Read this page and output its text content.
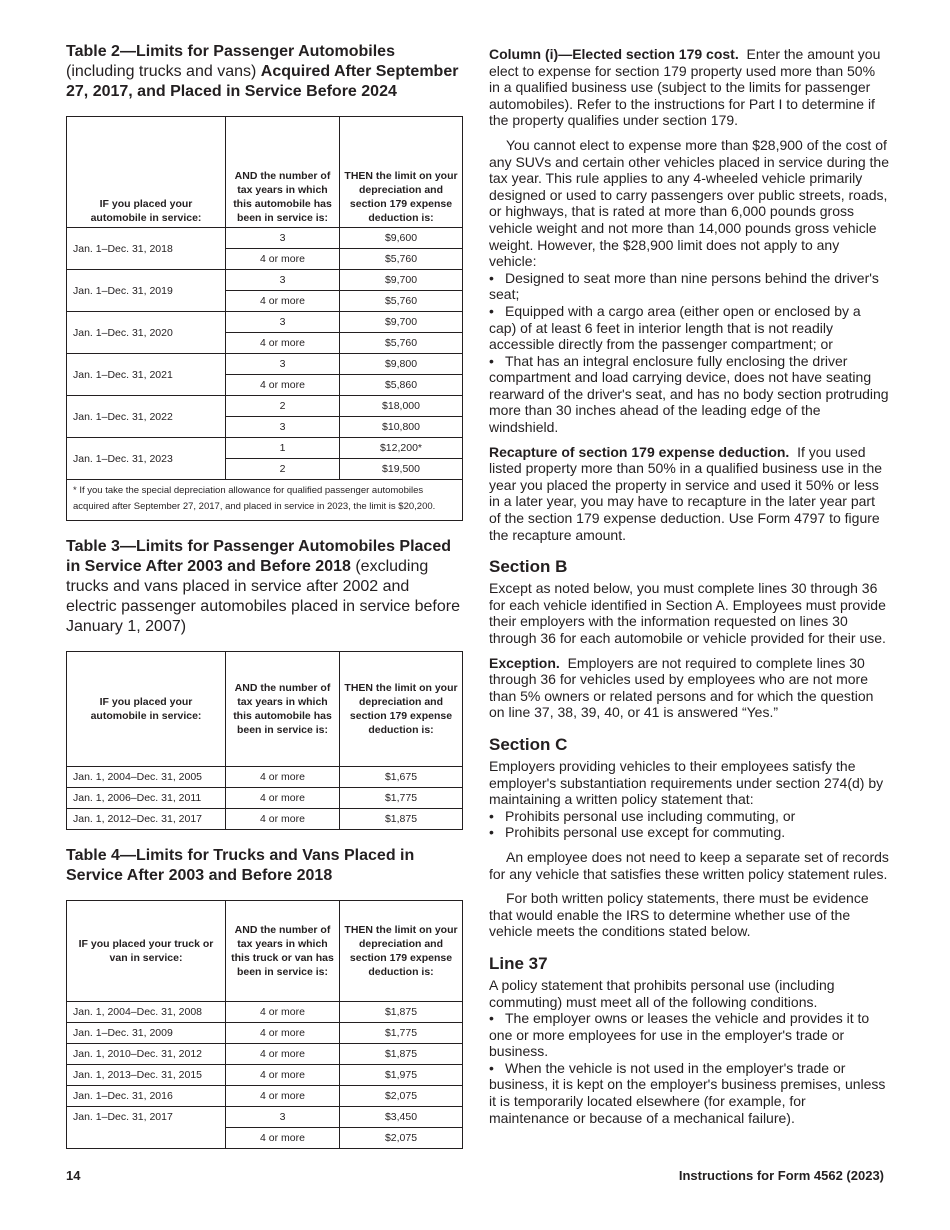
Table 2—Limits for Passenger Automobiles
(including trucks and vans) Acquired After September 27, 2017, and Placed in Service Before 2024
IF you placed your automobile in service:	AND the number of tax years in which this automobile has been in service is:	THEN the limit on your depreciation and section 179 expense deduction is:
Jan. 1–Dec. 31, 2018	3	$9,600
	4 or more	$5,760
Jan. 1–Dec. 31, 2019	3	$9,700
	4 or more	$5,760
Jan. 1–Dec. 31, 2020	3	$9,700
	4 or more	$5,760
Jan. 1–Dec. 31, 2021	3	$9,800
	4 or more	$5,860
Jan. 1–Dec. 31, 2022	2	$18,000
	3	$10,800
Jan. 1–Dec. 31, 2023	1	$12,200*
	2	$19,500
* If you take the special depreciation allowance for qualified passenger automobiles acquired after September 27, 2017, and placed in service in 2023, the limit is $20,200.		
Table 3—Limits for Passenger Automobiles Placed in Service After 2003 and Before 2018 (excluding trucks and vans placed in service after 2002 and electric passenger automobiles placed in service before January 1, 2007)
IF you placed your automobile in service:	AND the number of tax years in which this automobile has been in service is:	THEN the limit on your depreciation and section 179 expense deduction is:
Jan. 1, 2004–Dec. 31, 2005	4 or more	$1,675
Jan. 1, 2006–Dec. 31, 2011	4 or more	$1,775
Jan. 1, 2012–Dec. 31, 2017	4 or more	$1,875
Table 4—Limits for Trucks and Vans Placed in Service After 2003 and Before 2018
IF you placed your truck or van in service:	AND the number of tax years in which this truck or van has been in service is:	THEN the limit on your depreciation and section 179 expense deduction is:
Jan. 1, 2004–Dec. 31, 2008	4 or more	$1,875
Jan. 1–Dec. 31, 2009	4 or more	$1,775
Jan. 1, 2010–Dec. 31, 2012	4 or more	$1,875
Jan. 1, 2013–Dec. 31, 2015	4 or more	$1,975
Jan. 1–Dec. 31, 2016	4 or more	$2,075
Jan. 1–Dec. 31, 2017	3	$3,450
	4 or more	$2,075

Column (i)—Elected section 179 cost. Enter the amount you elect to expense for section 179 property used more than 50% in a qualified business use (subject to the limits for passenger automobiles). Refer to the instructions for Part I to determine if the property qualifies under section 179.

You cannot elect to expense more than $28,900 of the cost of any SUVs and certain other vehicles placed in service during the tax year. This rule applies to any 4-wheeled vehicle primarily designed or used to carry passengers over public streets, roads, or highways, that is rated at more than 6,000 pounds gross vehicle weight and not more than 14,000 pounds gross vehicle weight. However, the $28,900 limit does not apply to any vehicle:

• Designed to seat more than nine persons behind the driver's seat;
• Equipped with a cargo area (either open or enclosed by a cap) of at least 6 feet in interior length that is not readily accessible directly from the passenger compartment; or
• That has an integral enclosure fully enclosing the driver compartment and load carrying device, does not have seating rearward of the driver's seat, and has no body section protruding more than 30 inches ahead of the leading edge of the windshield.

Recapture of section 179 expense deduction. If you used listed property more than 50% in a qualified business use in the year you placed the property in service and used it 50% or less in a later year, you may have to recapture in the later year part of the section 179 expense deduction. Use Form 4797 to figure the recapture amount.

Section B

Except as noted below, you must complete lines 30 through 36 for each vehicle identified in Section A. Employees must provide their employers with the information requested on lines 30 through 36 for each automobile or vehicle provided for their use.

Exception. Employers are not required to complete lines 30 through 36 for vehicles used by employees who are not more than 5% owners or related persons and for which the question on line 37, 38, 39, 40, or 41 is answered “Yes.”

Section C

Employers providing vehicles to their employees satisfy the employer's substantiation requirements under section 274(d) by maintaining a written policy statement that:

• Prohibits personal use including commuting, or
• Prohibits personal use except for commuting.

An employee does not need to keep a separate set of records for any vehicle that satisfies these written policy statement rules.

For both written policy statements, there must be evidence that would enable the IRS to determine whether use of the vehicle meets the conditions stated below.

Line 37

A policy statement that prohibits personal use (including commuting) must meet all of the following conditions.

• The employer owns or leases the vehicle and provides it to one or more employees for use in the employer's trade or business.
• When the vehicle is not used in the employer's trade or business, it is kept on the employer's business premises, unless it is temporarily located elsewhere (for example, for maintenance or because of a mechanical failure).
14	Instructions for Form 4562 (2023)
